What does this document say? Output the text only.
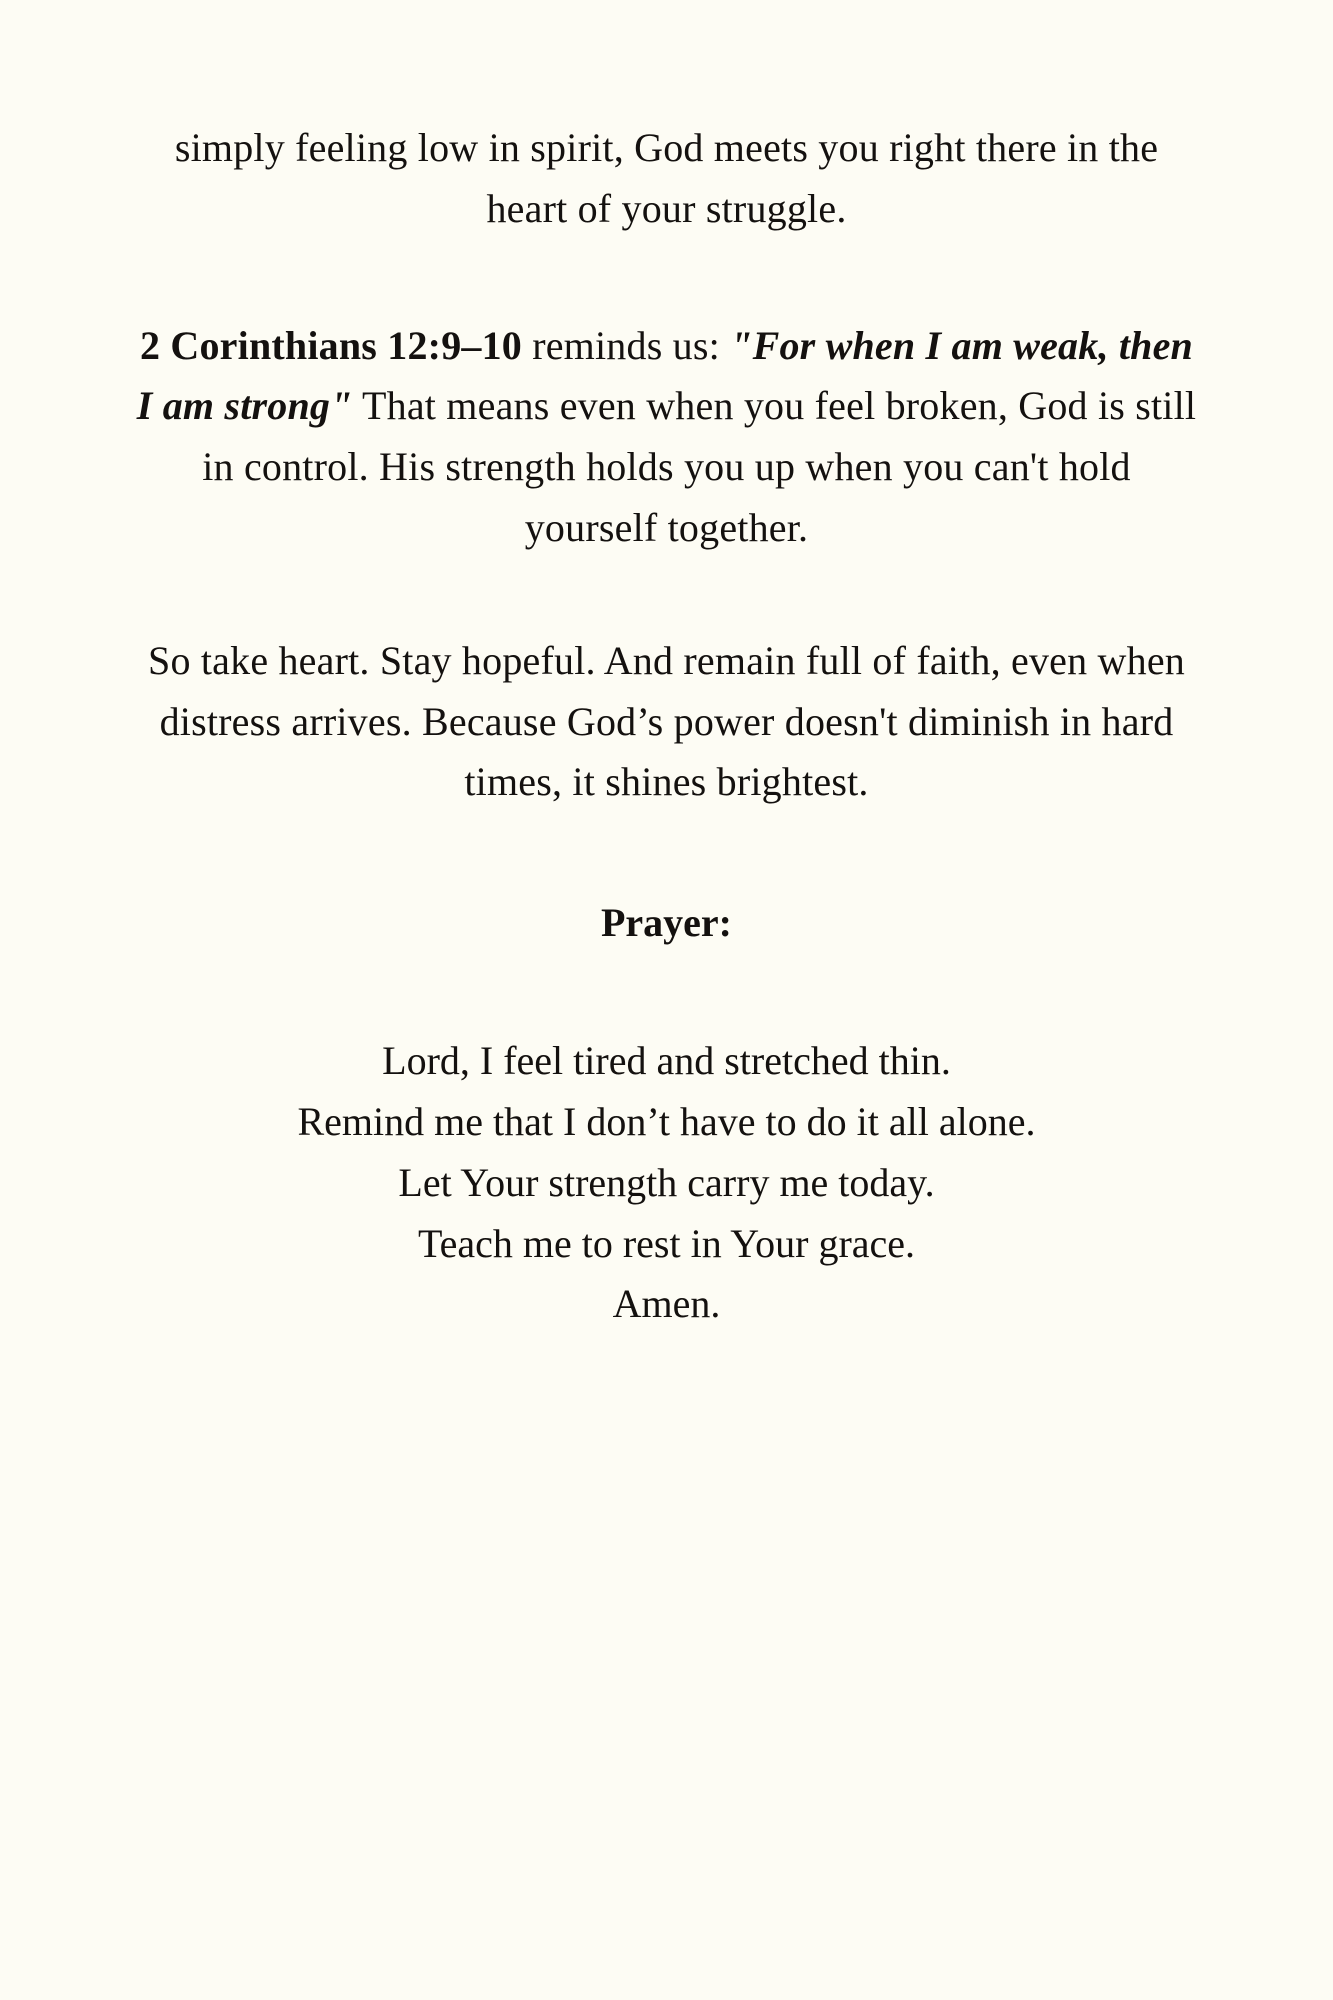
simply feeling low in spirit, God meets you right there in the heart of your struggle.

2 Corinthians 12:9–10 reminds us: "For when I am weak, then I am strong" That means even when you feel broken, God is still in control. His strength holds you up when you can't hold yourself together.

So take heart. Stay hopeful. And remain full of faith, even when distress arrives. Because God’s power doesn't diminish in hard times, it shines brightest.

Prayer:

Lord, I feel tired and stretched thin.
Remind me that I don’t have to do it all alone.
Let Your strength carry me today.
Teach me to rest in Your grace.
Amen.
